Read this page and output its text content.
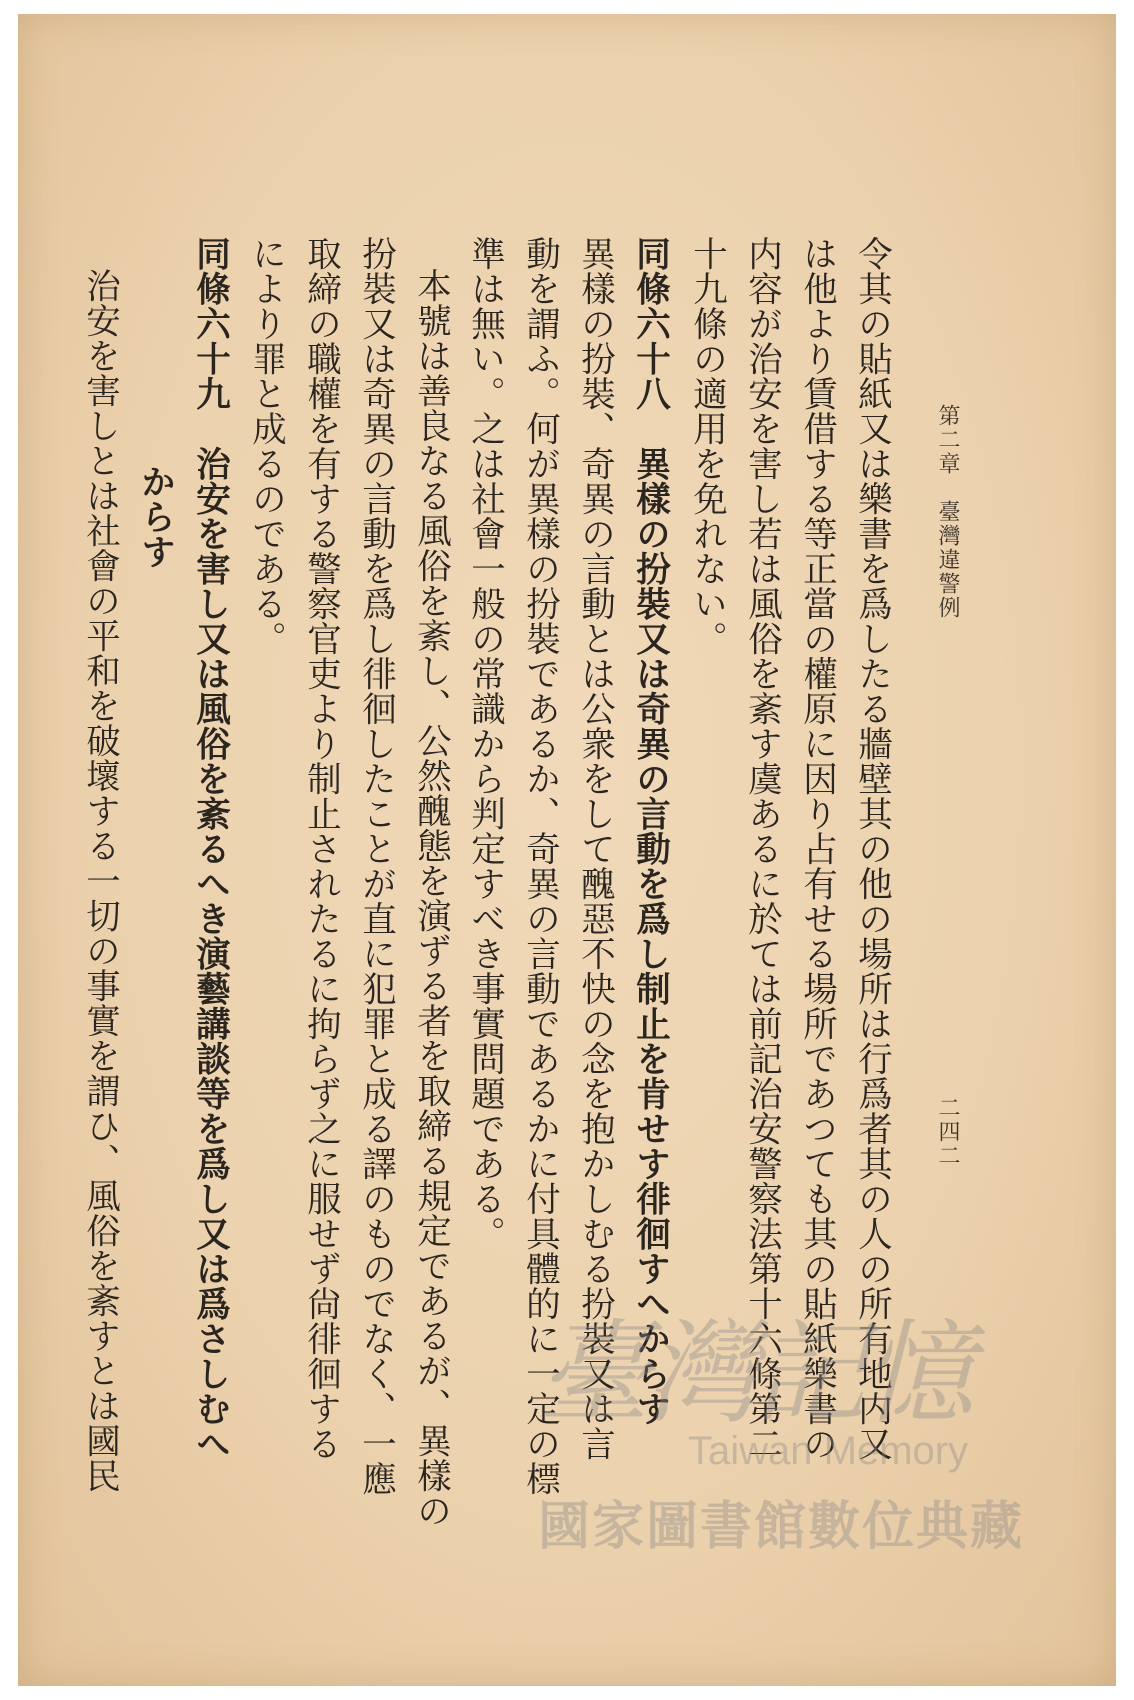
第二章　臺灣違警例
二四二
令其の貼紙又は樂書を爲したる牆壁其の他の場所は行爲者其の人の所有地内又
は他より賃借する等正當の權原に因り占有せる場所であつても其の貼紙樂書の
内容が治安を害し若は風俗を紊す虞あるに於ては前記治安警察法第十六條第二
十九條の適用を免れない。
同條六十八　異樣の扮裝又は奇異の言動を爲し制止を肯せす徘徊すへからす
異樣の扮裝、奇異の言動とは公衆をして醜惡不快の念を抱かしむる扮裝又は言
動を謂ふ。何が異樣の扮裝であるか、奇異の言動であるかに付具體的に一定の標
準は無い。之は社會一般の常識から判定すべき事實問題である。
本號は善良なる風俗を紊し、公然醜態を演ずる者を取締る規定であるが、異樣の
扮裝又は奇異の言動を爲し徘徊したことが直に犯罪と成る譯のものでなく、一應
取締の職權を有する警察官吏より制止されたるに拘らず之に服せず尙徘徊する
により罪と成るのである。
同條六十九　治安を害し又は風俗を紊るへき演藝講談等を爲し又は爲さしむへ
からす
治安を害しとは社會の平和を破壞する一切の事實を謂ひ、風俗を紊すとは國民	臺灣記憶
Taiwan Memory
國家圖書館數位典藏
